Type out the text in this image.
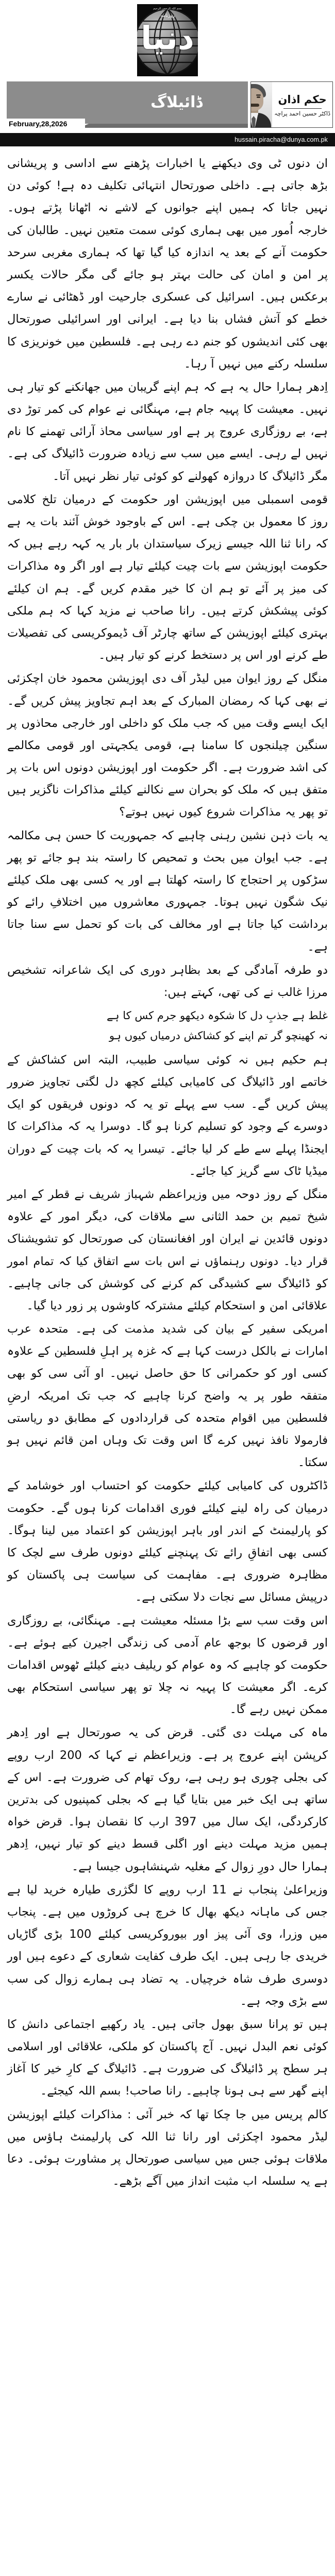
بسم اللہ الرحمن الرحیم
روزنامہ
دنیا
ڈائیلاگ
February,28,2026
حکم اذان
ڈاکٹر حسین احمد پراچہ
hussain.piracha@dunya.com.pk

ان دنوں ٹی وی دیکھنے یا اخبارات پڑھنے سے اداسی و پریشانی بڑھ جاتی ہے۔ داخلی صورتحال انتہائی تکلیف دہ ہے! کوئی دن نہیں جاتا کہ ہمیں اپنے جوانوں کے لاشے نہ اٹھانا پڑتے ہوں۔ خارجہ اُمور میں بھی ہماری کوئی سمت متعین نہیں۔ طالبان کی حکومت آنے کے بعد یہ اندازہ کیا گیا تھا کہ ہماری مغربی سرحد پر امن و امان کی حالت بہتر ہو جائے گی مگر حالات یکسر برعکس ہیں۔ اسرائیل کی عسکری جارحیت اور ڈھٹائی نے سارے خطے کو آتش فشاں بنا دیا ہے۔ ایرانی اور اسرائیلی صورتحال بھی کئی اندیشوں کو جنم دے رہی ہے۔ فلسطین میں خونریزی کا سلسلہ رکنے میں نہیں آ رہا۔

اِدھر ہمارا حال یہ ہے کہ ہم اپنے گریبان میں جھانکنے کو تیار ہی نہیں۔ معیشت کا پہیہ جام ہے، مہنگائی نے عوام کی کمر توڑ دی ہے، بے روزگاری عروج پر ہے اور سیاسی محاذ آرائی تھمنے کا نام نہیں لے رہی۔ ایسے میں سب سے زیادہ ضرورت ڈائیلاگ کی ہے۔ مگر ڈائیلاگ کا دروازہ کھولنے کو کوئی تیار نظر نہیں آتا۔

قومی اسمبلی میں اپوزیشن اور حکومت کے درمیان تلخ کلامی روز کا معمول بن چکی ہے۔ اس کے باوجود خوش آئند بات یہ ہے کہ رانا ثنا اللہ جیسے زیرک سیاستدان بار بار یہ کہہ رہے ہیں کہ حکومت اپوزیشن سے بات چیت کیلئے تیار ہے اور اگر وہ مذاکرات کی میز پر آئے تو ہم ان کا خیر مقدم کریں گے۔ ہم ان کیلئے کوئی پیشکش کرتے ہیں۔ رانا صاحب نے مزید کہا کہ ہم ملکی بہتری کیلئے اپوزیشن کے ساتھ چارٹر آف ڈیموکریسی کی تفصیلات طے کرنے اور اس پر دستخط کرنے کو تیار ہیں۔

منگل کے روز ایوان میں لیڈر آف دی اپوزیشن محمود خان اچکزئی نے بھی کہا کہ رمضان المبارک کے بعد اہم تجاویز پیش کریں گے۔ ایک ایسے وقت میں کہ جب ملک کو داخلی اور خارجی محاذوں پر سنگین چیلنجوں کا سامنا ہے، قومی یکجہتی اور قومی مکالمے کی اشد ضرورت ہے۔ اگر حکومت اور اپوزیشن دونوں اس بات پر متفق ہیں کہ ملک کو بحران سے نکالنے کیلئے مذاکرات ناگزیر ہیں تو پھر یہ مذاکرات شروع کیوں نہیں ہوتے؟

یہ بات ذہن نشین رہنی چاہیے کہ جمہوریت کا حسن ہی مکالمہ ہے۔ جب ایوان میں بحث و تمحیص کا راستہ بند ہو جائے تو پھر سڑکوں پر احتجاج کا راستہ کھلتا ہے اور یہ کسی بھی ملک کیلئے نیک شگون نہیں ہوتا۔ جمہوری معاشروں میں اختلافِ رائے کو برداشت کیا جاتا ہے اور مخالف کی بات کو تحمل سے سنا جاتا ہے۔

دو طرفہ آمادگی کے بعد بظاہر دوری کی ایک شاعرانہ تشخیص مرزا غالب نے کی تھی، کہتے ہیں:

غلط ہے جذبِ دل کا شکوہ دیکھو جرم کس کا ہے
نہ کھینچو گر تم اپنے کو کشاکش درمیاں کیوں ہو

ہم حکیم ہیں نہ کوئی سیاسی طبیب، البتہ اس کشاکش کے خاتمے اور ڈائیلاگ کی کامیابی کیلئے کچھ دل لگتی تجاویز ضرور پیش کریں گے۔ سب سے پہلے تو یہ کہ دونوں فریقوں کو ایک دوسرے کے وجود کو تسلیم کرنا ہو گا۔ دوسرا یہ کہ مذاکرات کا ایجنڈا پہلے سے طے کر لیا جائے۔ تیسرا یہ کہ بات چیت کے دوران میڈیا ٹاک سے گریز کیا جائے۔

منگل کے روز دوحہ میں وزیراعظم شہباز شریف نے قطر کے امیر شیخ تمیم بن حمد الثانی سے ملاقات کی، دیگر امور کے علاوہ دونوں قائدین نے ایران اور افغانستان کی صورتحال کو تشویشناک قرار دیا۔ دونوں رہنماؤں نے اس بات سے اتفاق کیا کہ تمام امور کو ڈائیلاگ سے کشیدگی کم کرنے کی کوشش کی جانی چاہیے۔ علاقائی امن و استحکام کیلئے مشترکہ کاوشوں پر زور دیا گیا۔

امریکی سفیر کے بیان کی شدید مذمت کی ہے۔ متحدہ عرب امارات نے بالکل درست کہا ہے کہ غزہ پر اہلِ فلسطین کے علاوہ کسی اور کو حکمرانی کا حق حاصل نہیں۔ او آئی سی کو بھی متفقہ طور پر یہ واضح کرنا چاہیے کہ جب تک امریکہ ارضِ فلسطین میں اقوام متحدہ کی قراردادوں کے مطابق دو ریاستی فارمولا نافذ نہیں کرے گا اس وقت تک وہاں امن قائم نہیں ہو سکتا۔

ڈاکٹروں کی کامیابی کیلئے حکومت کو احتساب اور خوشامد کے درمیان کی راہ لینے کیلئے فوری اقدامات کرنا ہوں گے۔ حکومت کو پارلیمنٹ کے اندر اور باہر اپوزیشن کو اعتماد میں لینا ہوگا۔ کسی بھی اتفاقِ رائے تک پہنچنے کیلئے دونوں طرف سے لچک کا مظاہرہ ضروری ہے۔ مفاہمت کی سیاست ہی پاکستان کو درپیش مسائل سے نجات دلا سکتی ہے۔

اس وقت سب سے بڑا مسئلہ معیشت ہے۔ مہنگائی، بے روزگاری اور قرضوں کا بوجھ عام آدمی کی زندگی اجیرن کیے ہوئے ہے۔ حکومت کو چاہیے کہ وہ عوام کو ریلیف دینے کیلئے ٹھوس اقدامات کرے۔ اگر معیشت کا پہیہ نہ چلا تو پھر سیاسی استحکام بھی ممکن نہیں رہے گا۔

ماہ کی مہلت دی گئی۔ قرض کی یہ صورتحال ہے اور اِدھر کرپشن اپنے عروج پر ہے۔ وزیراعظم نے کہا کہ 200 ارب روپے کی بجلی چوری ہو رہی ہے، روک تھام کی ضرورت ہے۔ اس کے ساتھ ہی ایک خبر میں بتایا گیا ہے کہ بجلی کمپنیوں کی بدترین کارکردگی، ایک سال میں 397 ارب کا نقصان ہوا۔ قرض خواہ ہمیں مزید مہلت دینے اور اگلی قسط دینے کو تیار نہیں، اِدھر ہمارا حال دورِ زوال کے مغلیہ شہنشاہوں جیسا ہے۔

وزیراعلیٰ پنجاب نے 11 ارب روپے کا لگژری طیارہ خرید لیا ہے جس کی ماہانہ دیکھ بھال کا خرچ ہی کروڑوں میں ہے۔ پنجاب میں وزرا، وی آئی پیز اور بیوروکریسی کیلئے 100 بڑی گاڑیاں خریدی جا رہی ہیں۔ ایک طرف کفایت شعاری کے دعوے ہیں اور دوسری طرف شاہ خرچیاں۔ یہ تضاد ہی ہمارے زوال کی سب سے بڑی وجہ ہے۔

ہیں تو پرانا سبق بھول جاتی ہیں۔ یاد رکھیے اجتماعی دانش کا کوئی نعم البدل نہیں۔ آج پاکستان کو ملکی، علاقائی اور اسلامی ہر سطح پر ڈائیلاگ کی ضرورت ہے۔ ڈائیلاگ کے کارِ خیر کا آغاز اپنے گھر سے ہی ہونا چاہیے۔ رانا صاحب! بسم اللہ کیجئے۔

کالم پریس میں جا چکا تھا کہ خبر آئی : مذاکرات کیلئے اپوزیشن لیڈر محمود اچکزئی اور رانا ثنا اللہ کی پارلیمنٹ ہاؤس میں ملاقات ہوئی جس میں سیاسی صورتحال پر مشاورت ہوئی۔ دعا ہے یہ سلسلہ اب مثبت انداز میں آگے بڑھے۔
